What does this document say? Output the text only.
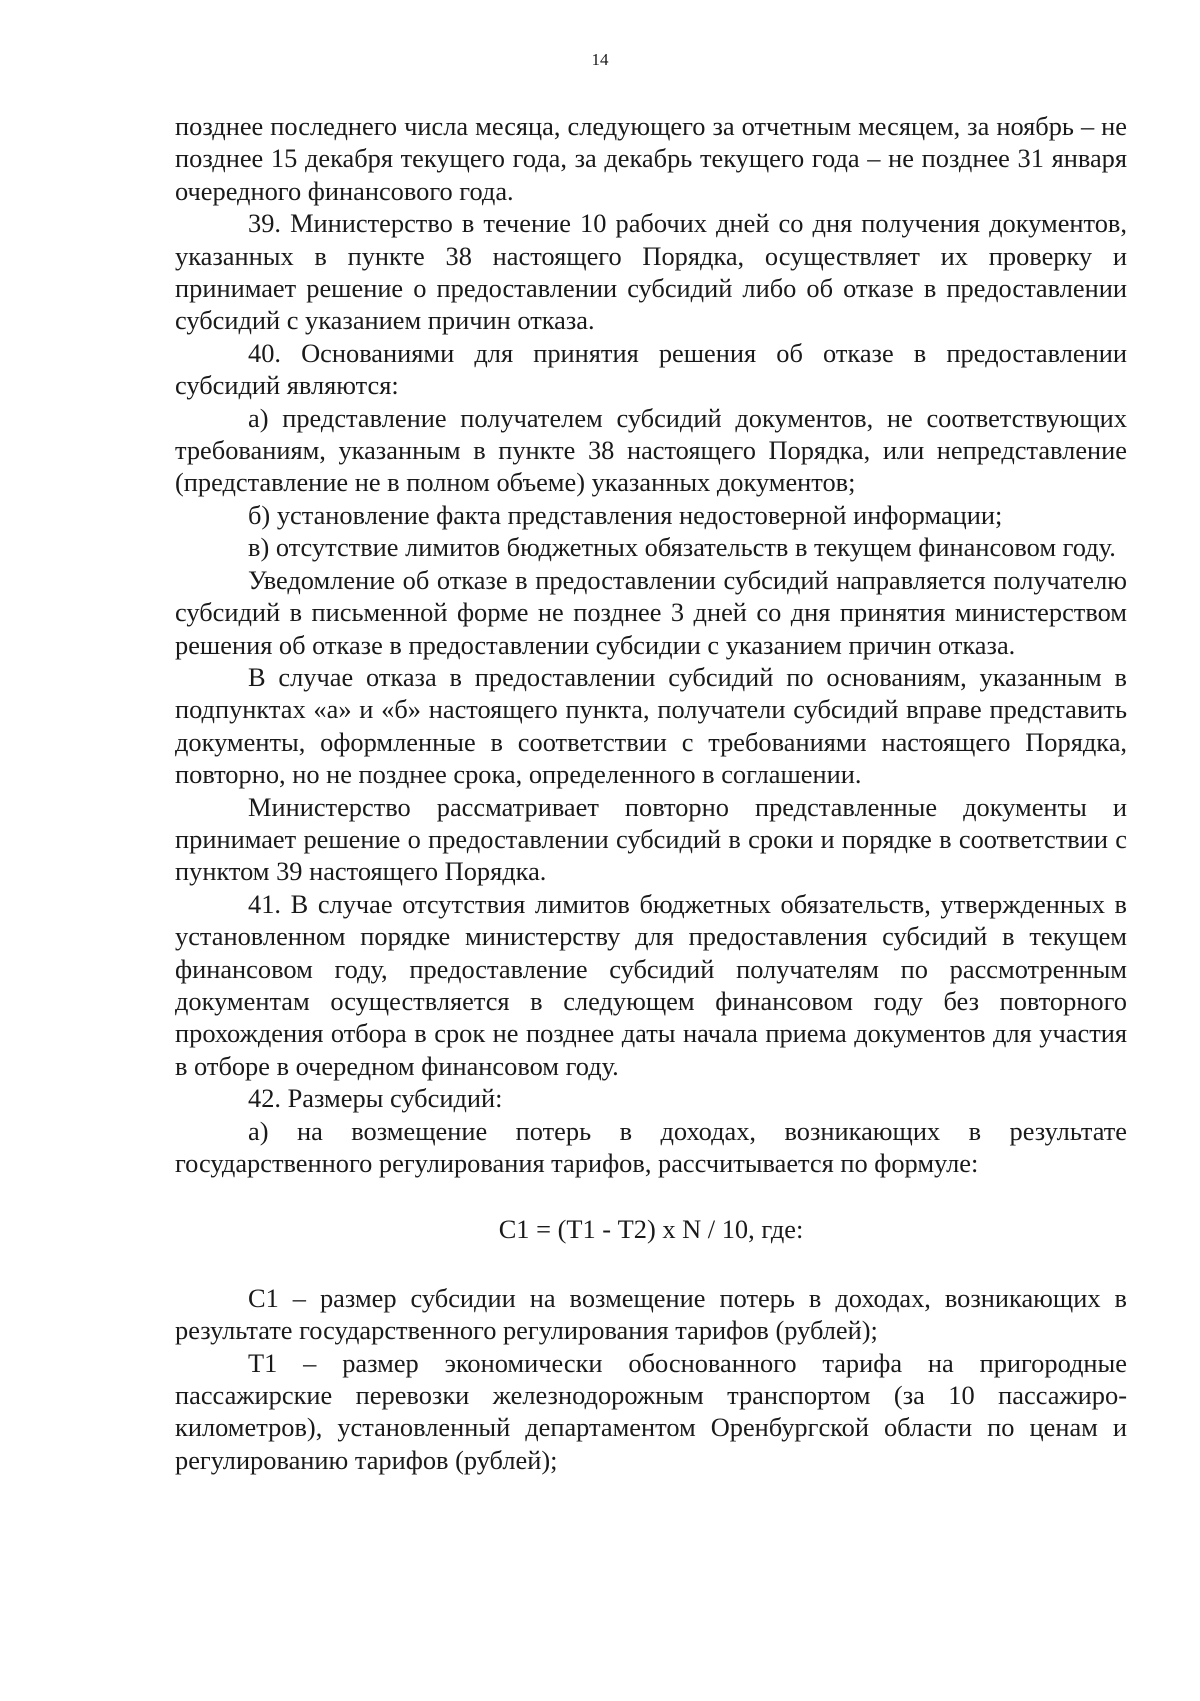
14

позднее последнего числа месяца, следующего за отчетным месяцем, за ноябрь – не позднее 15 декабря текущего года, за декабрь текущего года – не позднее 31 января очередного финансового года.

39. Министерство в течение 10 рабочих дней со дня получения документов, указанных в пункте 38 настоящего Порядка, осуществляет их проверку и принимает решение о предоставлении субсидий либо об отказе в предоставлении субсидий с указанием причин отказа.

40. Основаниями для принятия решения об отказе в предоставлении субсидий являются:

а) представление получателем субсидий документов, не соответствующих требованиям, указанным в пункте 38 настоящего Порядка, или непредставление (представление не в полном объеме) указанных документов;

б) установление факта представления недостоверной информации;

в) отсутствие лимитов бюджетных обязательств в текущем финансовом году.

Уведомление об отказе в предоставлении субсидий направляется получателю субсидий в письменной форме не позднее 3 дней со дня принятия министерством решения об отказе в предоставлении субсидии с указанием причин отказа.

В случае отказа в предоставлении субсидий по основаниям, указанным в подпунктах «а» и «б» настоящего пункта, получатели субсидий вправе представить документы, оформленные в соответствии с требованиями настоящего Порядка, повторно, но не позднее срока, определенного в соглашении.

Министерство рассматривает повторно представленные документы и принимает решение о предоставлении субсидий в сроки и порядке в соответствии с пунктом 39 настоящего Порядка.

41. В случае отсутствия лимитов бюджетных обязательств, утвержденных в установленном порядке министерству для предоставления субсидий в текущем финансовом году, предоставление субсидий получателям по рассмотренным документам осуществляется в следующем финансовом году без повторного прохождения отбора в срок не позднее даты начала приема документов для участия в отборе в очередном финансовом году.

42. Размеры субсидий:

а) на возмещение потерь в доходах, возникающих в результате государственного регулирования тарифов, рассчитывается по формуле:

С1 = (Т1 - Т2) х N / 10, где:

С1 – размер субсидии на возмещение потерь в доходах, возникающих в результате государственного регулирования тарифов (рублей);

Т1 – размер экономически обоснованного тарифа на пригородные пассажирские перевозки железнодорожным транспортом (за 10 пассажирокилометров), установленный департаментом Оренбургской области по ценам и регулированию тарифов (рублей);
